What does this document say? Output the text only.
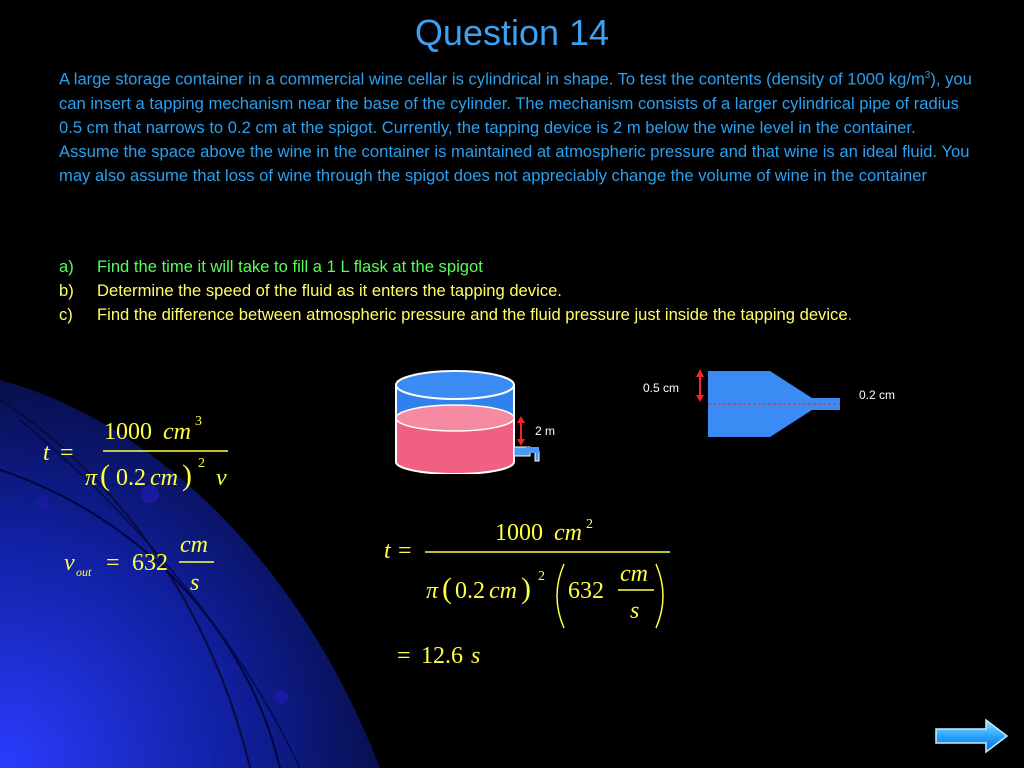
Question 14
A large storage container in a commercial wine cellar is cylindrical in shape. To test the contents (density of 1000 $kg/m^3$), you can insert a tapping mechanism near the base of the cylinder. The mechanism consists of a larger cylindrical pipe of radius 0.5 cm that narrows to 0.2 cm at the spigot. Currently, the tapping device is 2 m below the wine level in the container. Assume the space above the wine in the container is maintained at atmospheric pressure and that wine is an ideal fluid. You may also assume that loss of wine through the spigot does not appreciably change the volume of wine in the container
a)	Find the time it will take to fill a 1 L flask at the spigot
b)	Determine the speed of the fluid as it enters the tapping device.
c)	Find the difference between atmospheric pressure and the fluid pressure just inside the tapping device.
2 m
0.5 cm	0.2 cm
t =
1000 cm 3
π ( 0.2 cm ) 2
v
v out = 632
cm
s
t =
1000 cm 2
π ( 0.2 cm ) 2
632
cm
s
= 12.6 s
